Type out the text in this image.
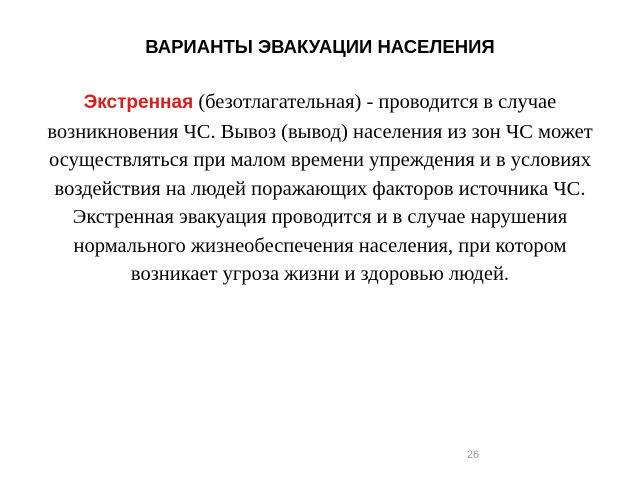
ВАРИАНТЫ ЭВАКУАЦИИ НАСЕЛЕНИЯ

Экстренная (безотлагательная) - проводится в случае возникновения ЧС. Вывоз (вывод) населения из зон ЧС может осуществляться при малом времени упреждения и в условиях воздействия на людей поражающих факторов источника ЧС. Экстренная эвакуация проводится и в случае нарушения нормального жизнеобеспечения населения, при котором возникает угроза жизни и здоровью людей.

26
